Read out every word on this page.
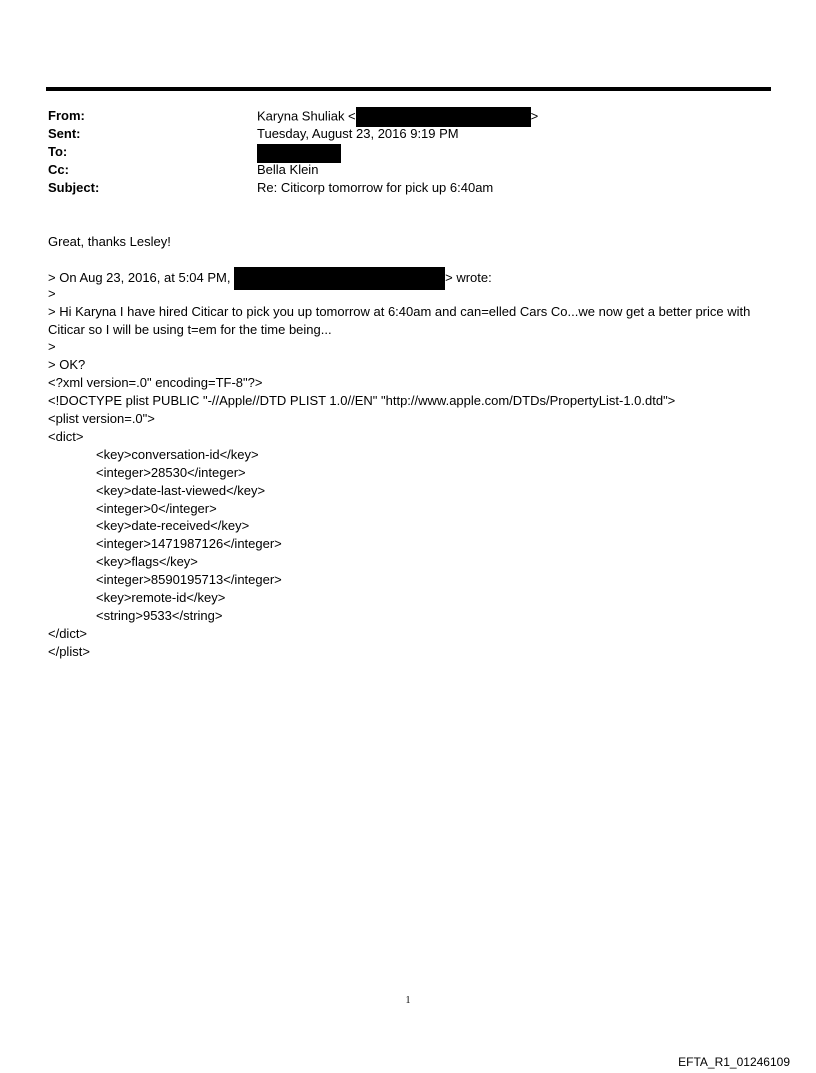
From:	Karyna Shuliak <	>
Sent:	Tuesday, August 23, 2016 9:19 PM
To:
Cc:	Bella Klein
Subject:	Re: Citicorp tomorrow for pick up 6:40am
Great, thanks Lesley!
> On Aug 23, 2016, at 5:04 PM,	> wrote:
>
> Hi Karyna I have hired Citicar to pick you up tomorrow at 6:40am and can=elled Cars Co...we now get a better price with Citicar so I will be using t=em for the time being...
>
> OK?
<?xml version=.0" encoding=TF-8"?>
<!DOCTYPE plist PUBLIC "-//Apple//DTD PLIST 1.0//EN" "http://www.apple.com/DTDs/PropertyList-1.0.dtd">
<plist version=.0">
<dict>
<key>conversation-id</key>
<integer>28530</integer>
<key>date-last-viewed</key>
<integer>0</integer>
<key>date-received</key>
<integer>1471987126</integer>
<key>flags</key>
<integer>8590195713</integer>
<key>remote-id</key>
<string>9533</string>
</dict>
</plist>
1
EFTA_R1_01246109
